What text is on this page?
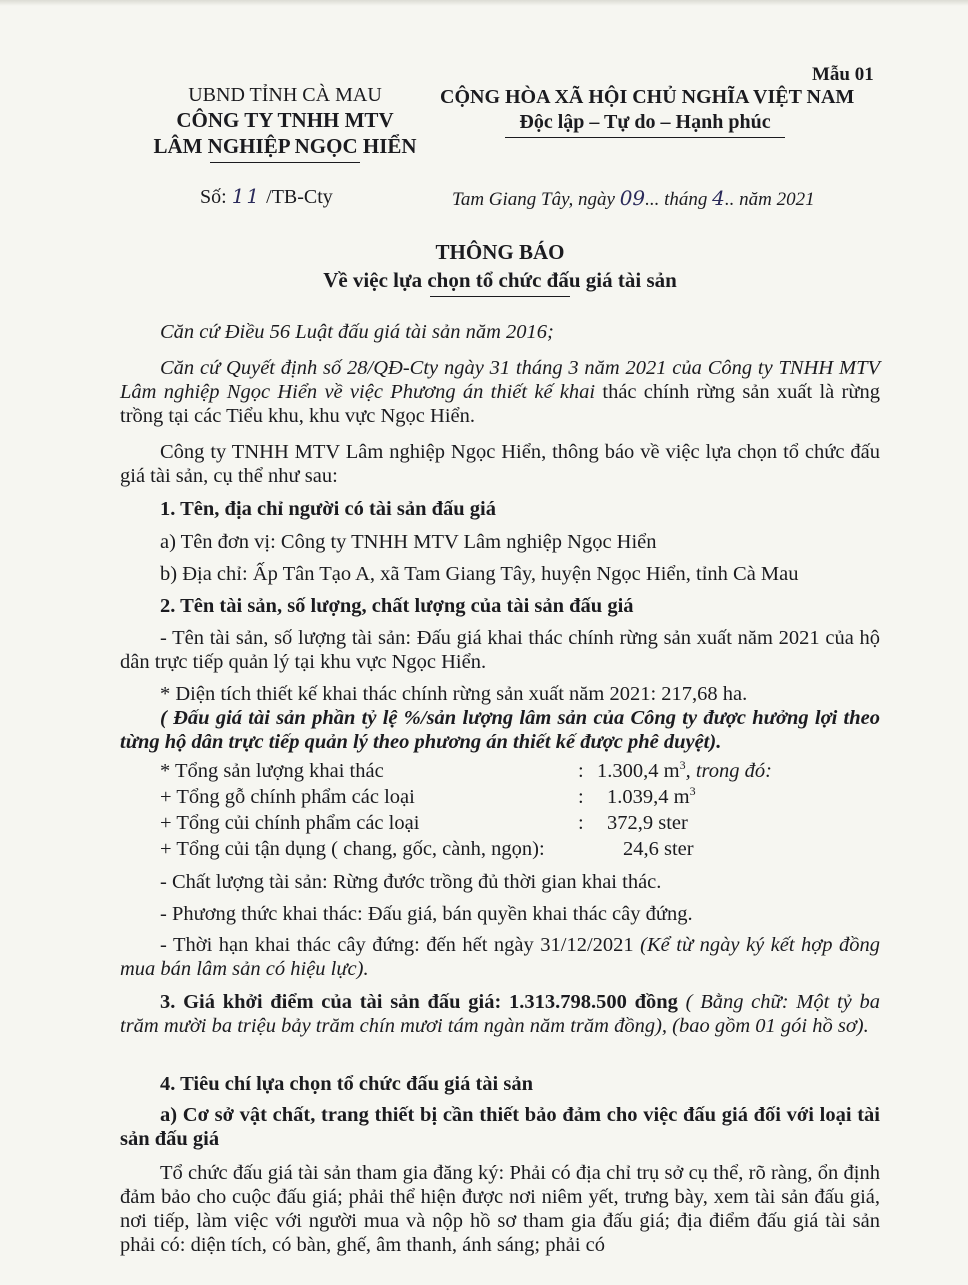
Mẫu 01
UBND TỈNH CÀ MAU
CÔNG TY TNHH MTV
LÂM NGHIỆP NGỌC HIỂN
CỘNG HÒA XÃ HỘI CHỦ NGHĨA VIỆT NAM
Độc lập – Tự do – Hạnh phúc
Số: 11 /TB-Cty	Tam Giang Tây, ngày 09... tháng 4.. năm 2021
THÔNG BÁO
Về việc lựa chọn tổ chức đấu giá tài sản
Căn cứ Điều 56 Luật đấu giá tài sản năm 2016;
Căn cứ Quyết định số 28/QĐ-Cty ngày 31 tháng 3 năm 2021 của Công ty TNHH MTV Lâm nghiệp Ngọc Hiển về việc Phương án thiết kế khai thác chính rừng sản xuất là rừng trồng tại các Tiểu khu, khu vực Ngọc Hiển.
Công ty TNHH MTV Lâm nghiệp Ngọc Hiển, thông báo về việc lựa chọn tổ chức đấu giá tài sản, cụ thể như sau:
1. Tên, địa chỉ người có tài sản đấu giá
a) Tên đơn vị: Công ty TNHH MTV Lâm nghiệp Ngọc Hiển
b) Địa chỉ: Ấp Tân Tạo A, xã Tam Giang Tây, huyện Ngọc Hiển, tỉnh Cà Mau
2. Tên tài sản, số lượng, chất lượng của tài sản đấu giá
- Tên tài sản, số lượng tài sản: Đấu giá khai thác chính rừng sản xuất năm 2021 của hộ dân trực tiếp quản lý tại khu vực Ngọc Hiển.
* Diện tích thiết kế khai thác chính rừng sản xuất năm 2021: 217,68 ha.
( Đấu giá tài sản phần tỷ lệ %/sản lượng lâm sản của Công ty được hưởng lợi theo từng hộ dân trực tiếp quản lý theo phương án thiết kế được phê duyệt).
* Tổng sản lượng khai thác	: 1.300,4 $m^3$, trong đó:
+ Tổng gỗ chính phẩm các loại	: 1.039,4 $m^3$
+ Tổng củi chính phẩm các loại	: 372,9 ster
+ Tổng củi tận dụng ( chang, gốc, cành, ngọn):	24,6 ster
- Chất lượng tài sản: Rừng đước trồng đủ thời gian khai thác.
- Phương thức khai thác: Đấu giá, bán quyền khai thác cây đứng.
- Thời hạn khai thác cây đứng: đến hết ngày 31/12/2021 (Kể từ ngày ký kết hợp đồng mua bán lâm sản có hiệu lực).
3. Giá khởi điểm của tài sản đấu giá: 1.313.798.500 đồng ( Bằng chữ: Một tỷ ba trăm mười ba triệu bảy trăm chín mươi tám ngàn năm trăm đồng), (bao gồm 01 gói hồ sơ).
4. Tiêu chí lựa chọn tổ chức đấu giá tài sản
a) Cơ sở vật chất, trang thiết bị cần thiết bảo đảm cho việc đấu giá đối với loại tài sản đấu giá
Tổ chức đấu giá tài sản tham gia đăng ký: Phải có địa chỉ trụ sở cụ thể, rõ ràng, ổn định đảm bảo cho cuộc đấu giá; phải thể hiện được nơi niêm yết, trưng bày, xem tài sản đấu giá, nơi tiếp, làm việc với người mua và nộp hồ sơ tham gia đấu giá; địa điểm đấu giá tài sản phải có: diện tích, có bàn, ghế, âm thanh, ánh sáng; phải có
